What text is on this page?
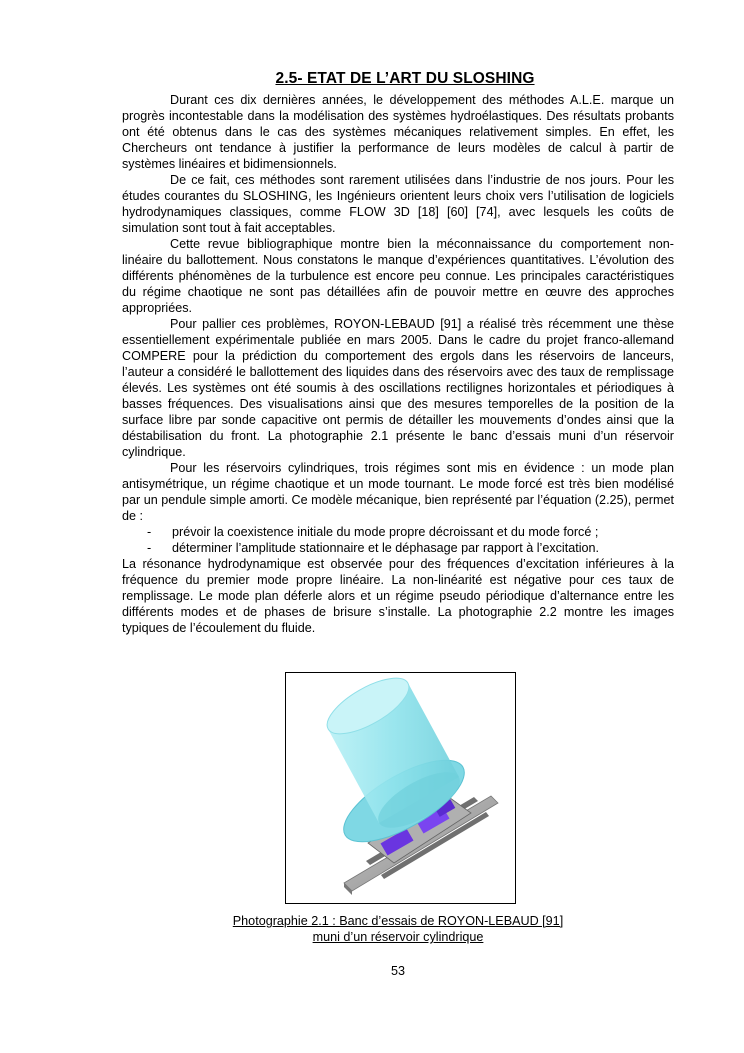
2.5- ETAT DE L’ART DU SLOSHING

Durant ces dix dernières années, le développement des méthodes A.L.E. marque un progrès incontestable dans la modélisation des systèmes hydroélastiques. Des résultats probants ont été obtenus dans le cas des systèmes mécaniques relativement simples. En effet, les Chercheurs ont tendance à justifier la performance de leurs modèles de calcul à partir de systèmes linéaires et bidimensionnels.

De ce fait, ces méthodes sont rarement utilisées dans l’industrie de nos jours. Pour les études courantes du SLOSHING, les Ingénieurs orientent leurs choix vers l’utilisation de logiciels hydrodynamiques classiques, comme FLOW 3D [18] [60] [74], avec lesquels les coûts de simulation sont tout à fait acceptables.

Cette revue bibliographique montre bien la méconnaissance du comportement non-linéaire du ballottement. Nous constatons le manque d’expériences quantitatives. L’évolution des différents phénomènes de la turbulence est encore peu connue. Les principales caractéristiques du régime chaotique ne sont pas détaillées afin de pouvoir mettre en œuvre des approches appropriées.

Pour pallier ces problèmes, ROYON-LEBAUD [91] a réalisé très récemment une thèse essentiellement expérimentale publiée en mars 2005. Dans le cadre du projet franco-allemand COMPERE pour la prédiction du comportement des ergols dans les réservoirs de lanceurs, l’auteur a considéré le ballottement des liquides dans des réservoirs avec des taux de remplissage élevés. Les systèmes ont été soumis à des oscillations rectilignes horizontales et périodiques à basses fréquences. Des visualisations ainsi que des mesures temporelles de la position de la surface libre par sonde capacitive ont permis de détailler les mouvements d’ondes ainsi que la déstabilisation du front. La photographie 2.1 présente le banc d’essais muni d’un réservoir cylindrique.

Pour les réservoirs cylindriques, trois régimes sont mis en évidence : un mode plan antisymétrique, un régime chaotique et un mode tournant. Le mode forcé est très bien modélisé par un pendule simple amorti. Ce modèle mécanique, bien représenté par l’équation (2.25), permet de :

- prévoir la coexistence initiale du mode propre décroissant et du mode forcé ;
- déterminer l’amplitude stationnaire et le déphasage par rapport à l’excitation.

La résonance hydrodynamique est observée pour des fréquences d’excitation inférieures à la fréquence du premier mode propre linéaire. La non-linéarité est négative pour ces taux de remplissage. Le mode plan déferle alors et un régime pseudo périodique d’alternance entre les différents modes et de phases de brisure s’installe. La photographie 2.2 montre les images typiques de l’écoulement du fluide.

Photographie 2.1 : Banc d’essais de ROYON-LEBAUD [91]
muni d’un réservoir cylindrique
53
